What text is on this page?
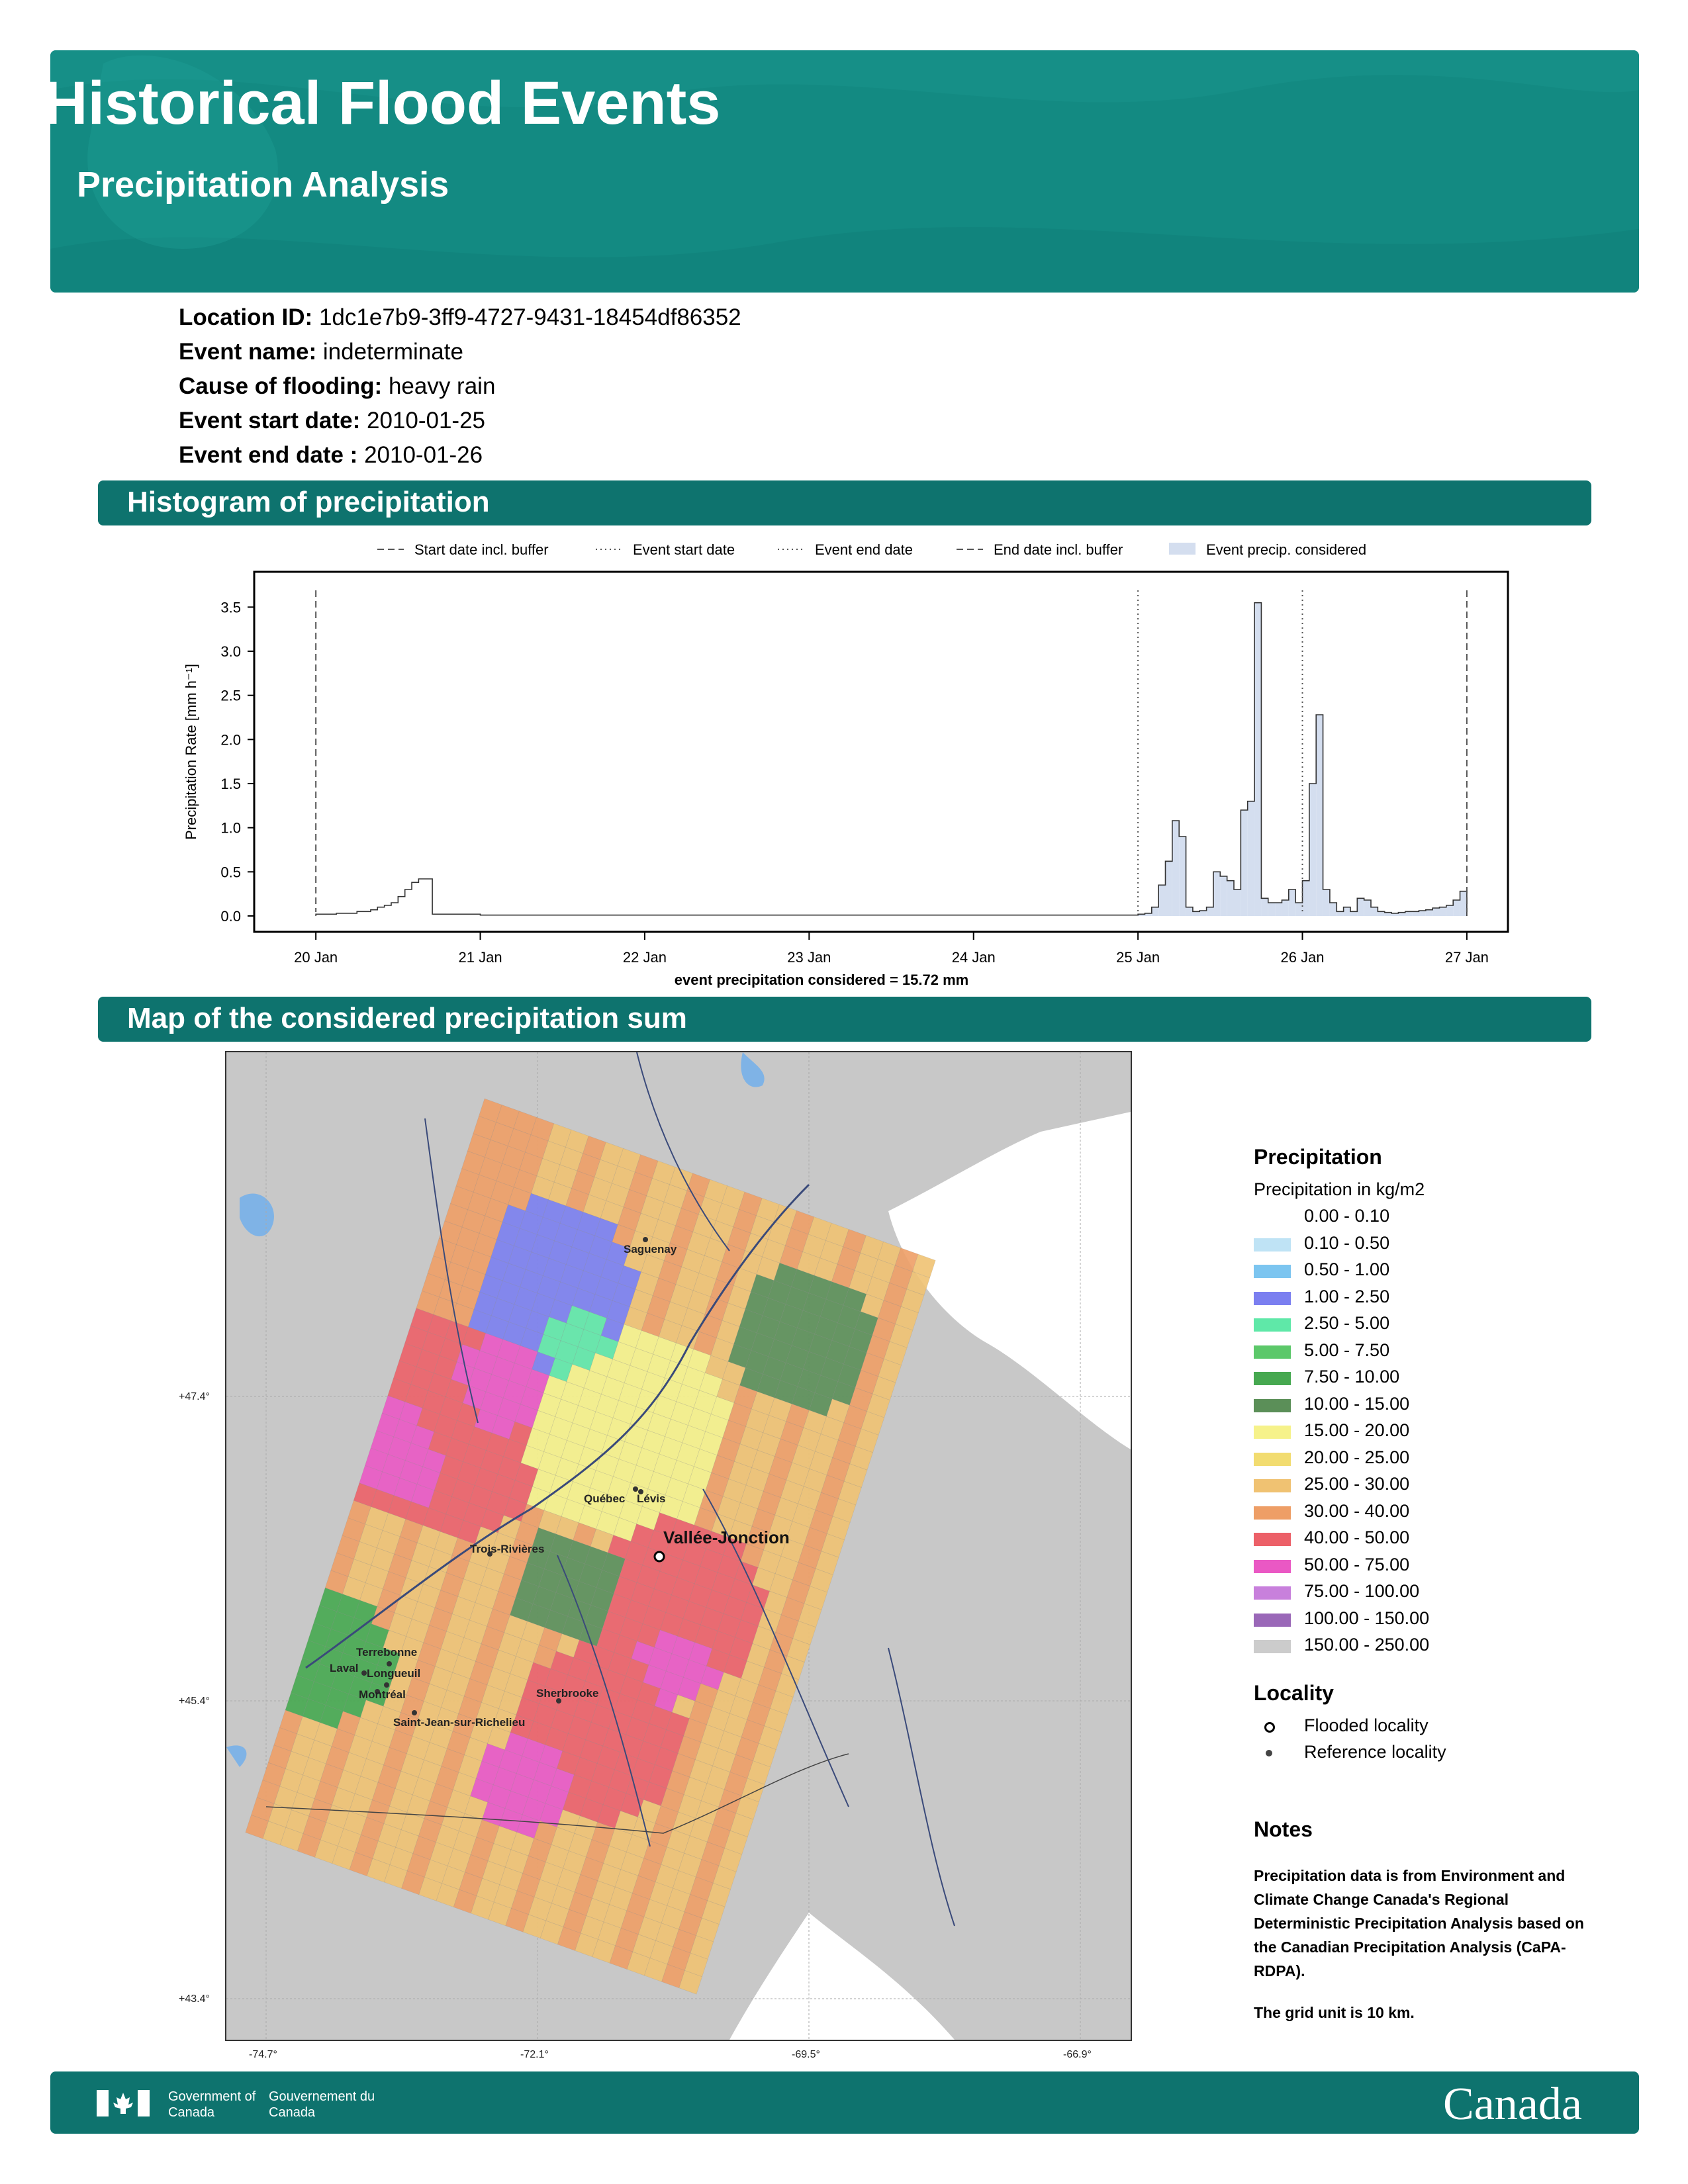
Historical Flood Events
Precipitation Analysis
Location ID: 1dc1e7b9-3ff9-4727-9431-18454df86352
Event name: indeterminate
Cause of flooding: heavy rain
Event start date: 2010-01-25
Event end date : 2010-01-26
Histogram of precipitation
0.0
0.5
1.0
1.5
2.0
2.5
3.0
3.5
20 Jan	21 Jan	22 Jan	23 Jan	24 Jan	25 Jan	26 Jan	27 Jan
Precipitation Rate [mm h⁻¹]
event precipitation considered = 15.72 mm
Start date incl. buffer	Event start date	Event end date	End date incl. buffer	Event precip. considered
Map of the considered precipitation sum
Saguenay
Québec Lévis
Trois-Rivières
Terrebonne
Laval Longueuil
Montréal	Sherbrooke
Saint-Jean-sur-Richelieu
Vallée-Jonction
+47.4°
+45.4°
+43.4°
-74.7°	-72.1°	-69.5°	-66.9°
Precipitation
Precipitation in kg/m2
0.00 - 0.10
0.10 - 0.50
0.50 - 1.00
1.00 - 2.50
2.50 - 5.00
5.00 - 7.50
7.50 - 10.00
10.00 - 15.00
15.00 - 20.00
20.00 - 25.00
25.00 - 30.00
30.00 - 40.00
40.00 - 50.00
50.00 - 75.00
75.00 - 100.00
100.00 - 150.00
150.00 - 250.00
Locality
Flooded locality
Reference locality
Notes
Precipitation data is from Environment and Climate Change Canada's Regional Deterministic Precipitation Analysis based on the Canadian Precipitation Analysis (CaPA-RDPA).
The grid unit is 10 km.
Government of Canada
Gouvernement du Canada	Canada
